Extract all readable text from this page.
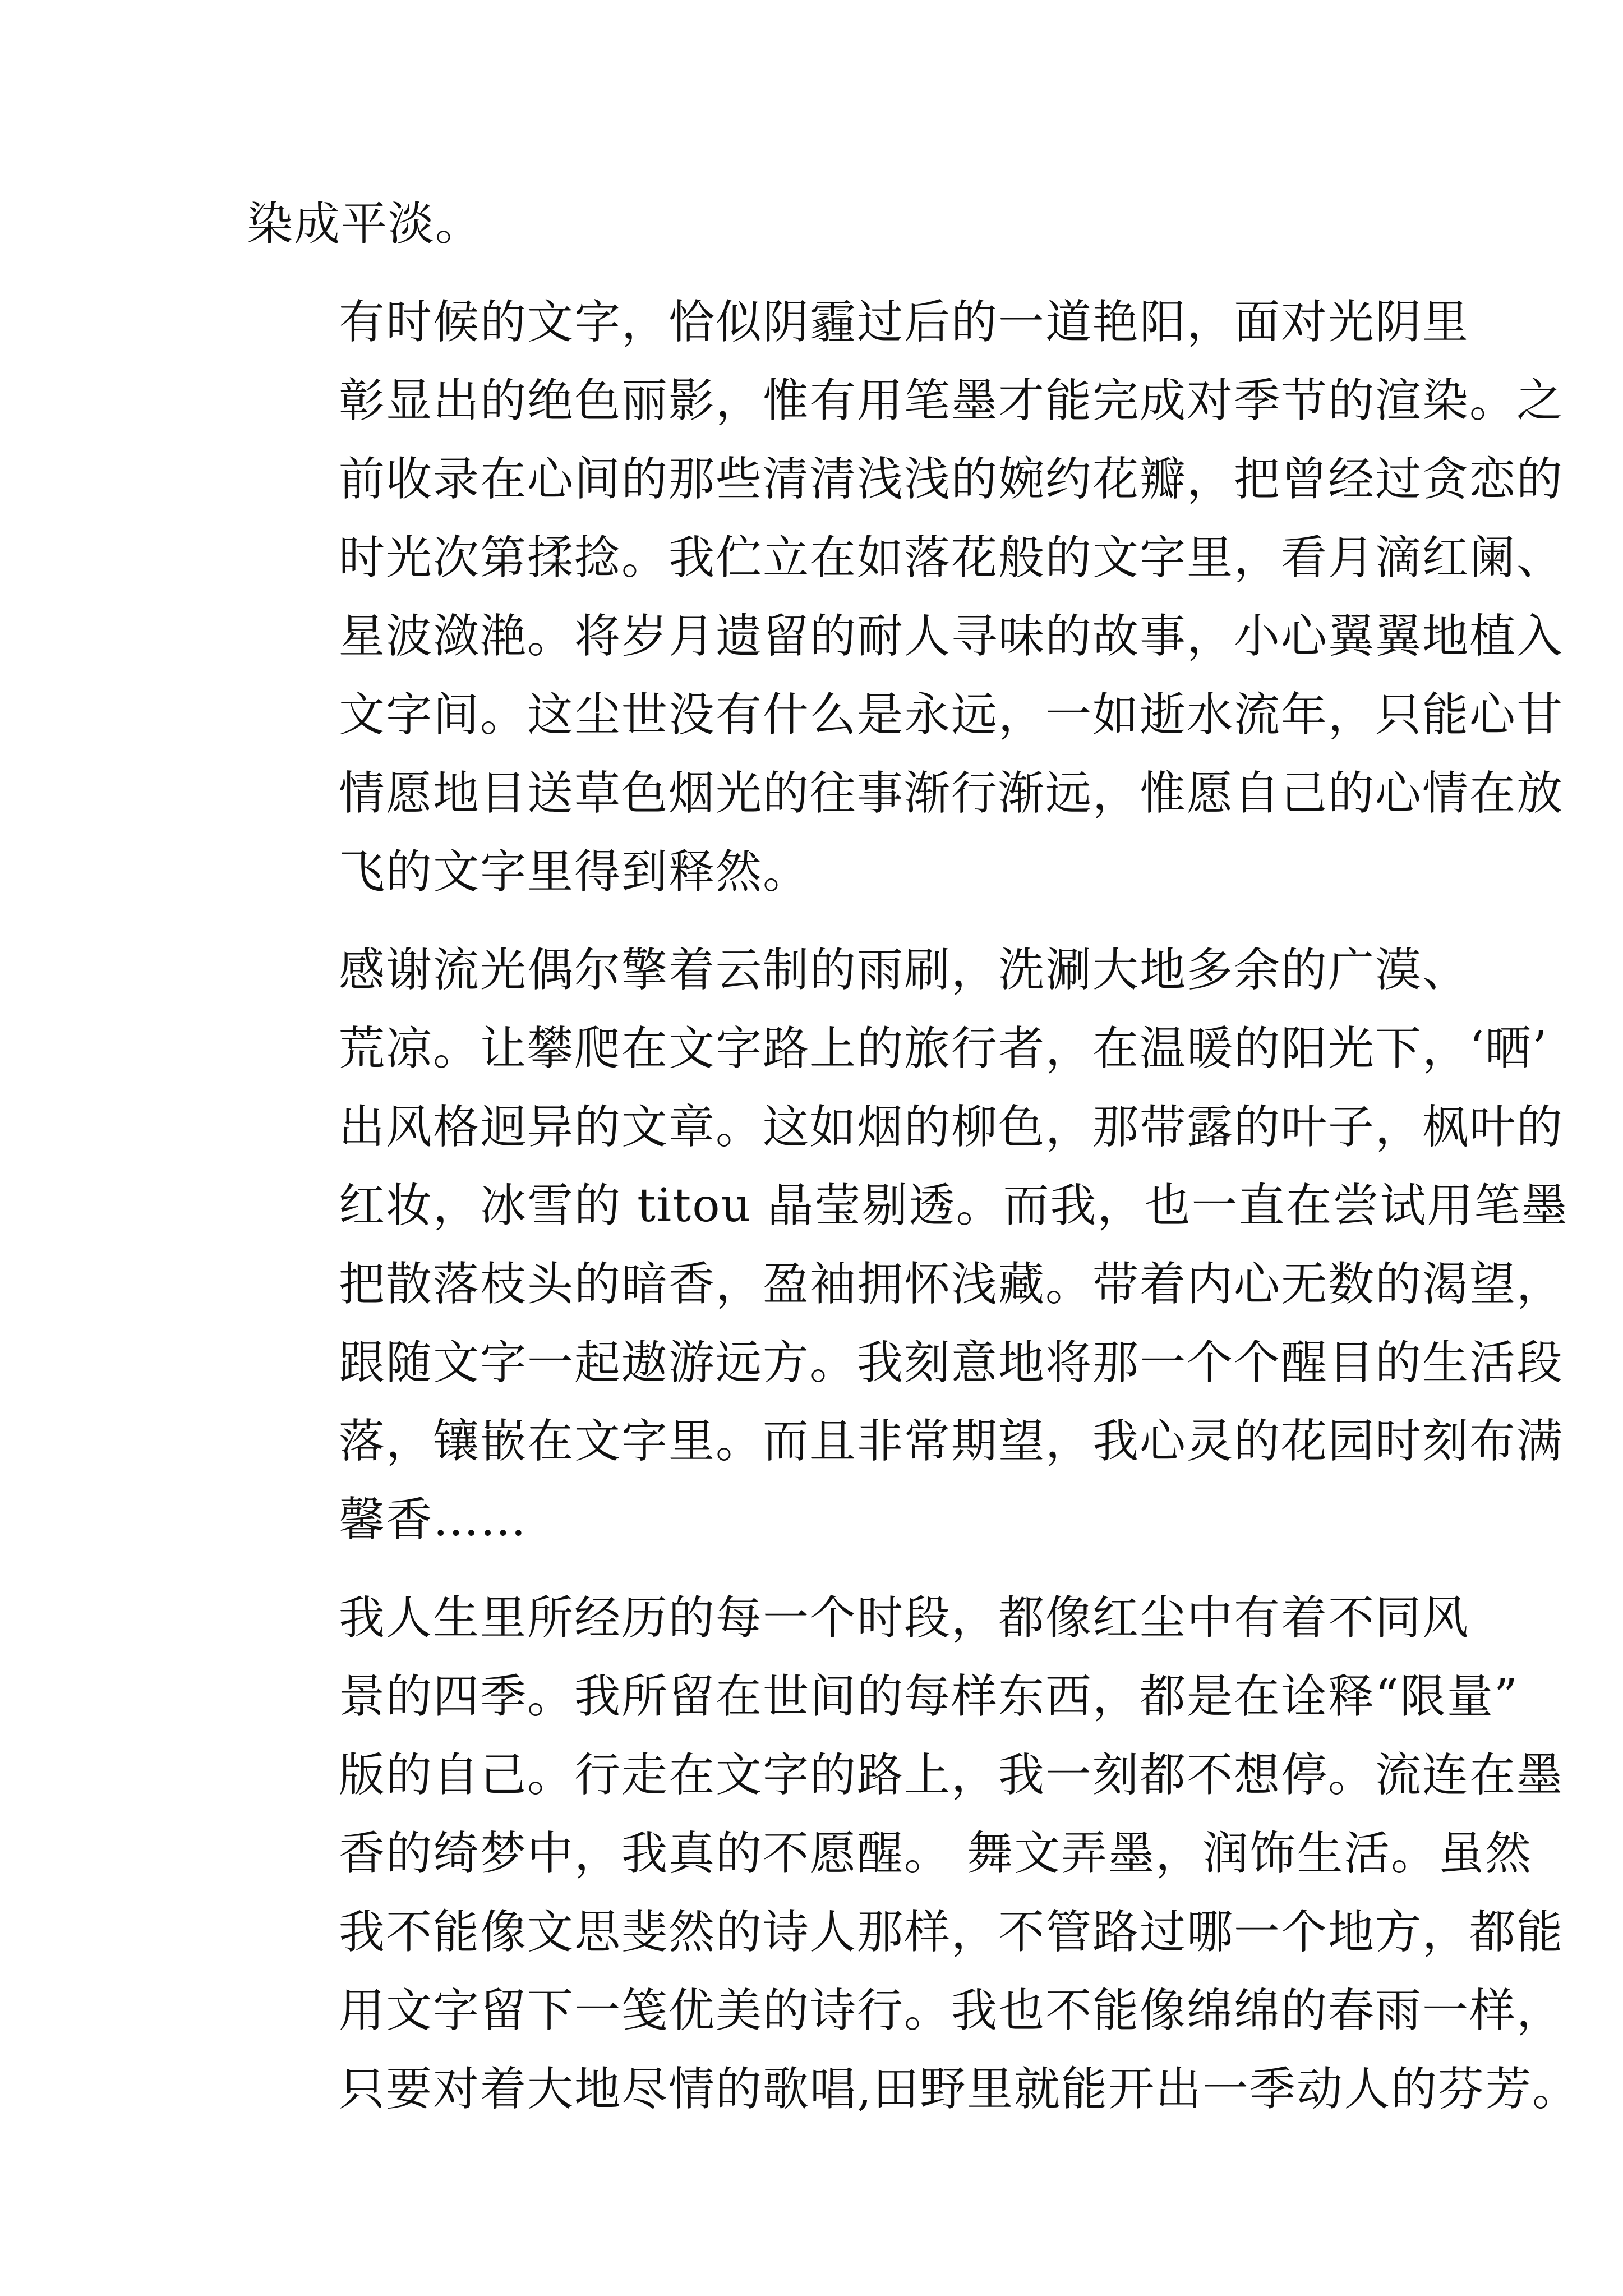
染成平淡。

有时候的文字，恰似阴霾过后的一道艳阳，面对光阴里
彰显出的绝色丽影，惟有用笔墨才能完成对季节的渲染。之
前收录在心间的那些清清浅浅的婉约花瓣，把曾经过贪恋的
时光次第揉捻。我伫立在如落花般的文字里，看月滴红阑、
星波潋滟。将岁月遗留的耐人寻味的故事，小心翼翼地植入
文字间。这尘世没有什么是永远，一如逝水流年，只能心甘
情愿地目送草色烟光的往事渐行渐远，惟愿自己的心情在放
飞的文字里得到释然。

感谢流光偶尔擎着云制的雨刷，洗涮大地多余的广漠、
荒凉。让攀爬在文字路上的旅行者，在温暖的阳光下，‘晒’
出风格迥异的文章。这如烟的柳色，那带露的叶子，枫叶的
红妆，冰雪的 titou 晶莹剔透。而我，也一直在尝试用笔墨
把散落枝头的暗香，盈袖拥怀浅藏。带着内心无数的渴望，
跟随文字一起遨游远方。我刻意地将那一个个醒目的生活段
落，镶嵌在文字里。而且非常期望，我心灵的花园时刻布满
馨香……

我人生里所经历的每一个时段，都像红尘中有着不同风
景的四季。我所留在世间的每样东西，都是在诠释“限量”
版的自己。行走在文字的路上，我一刻都不想停。流连在墨
香的绮梦中，我真的不愿醒。 舞文弄墨，润饰生活。虽然
我不能像文思斐然的诗人那样，不管路过哪一个地方，都能
用文字留下一笺优美的诗行。我也不能像绵绵的春雨一样，
只要对着大地尽情的歌唱,田野里就能开出一季动人的芬芳。
